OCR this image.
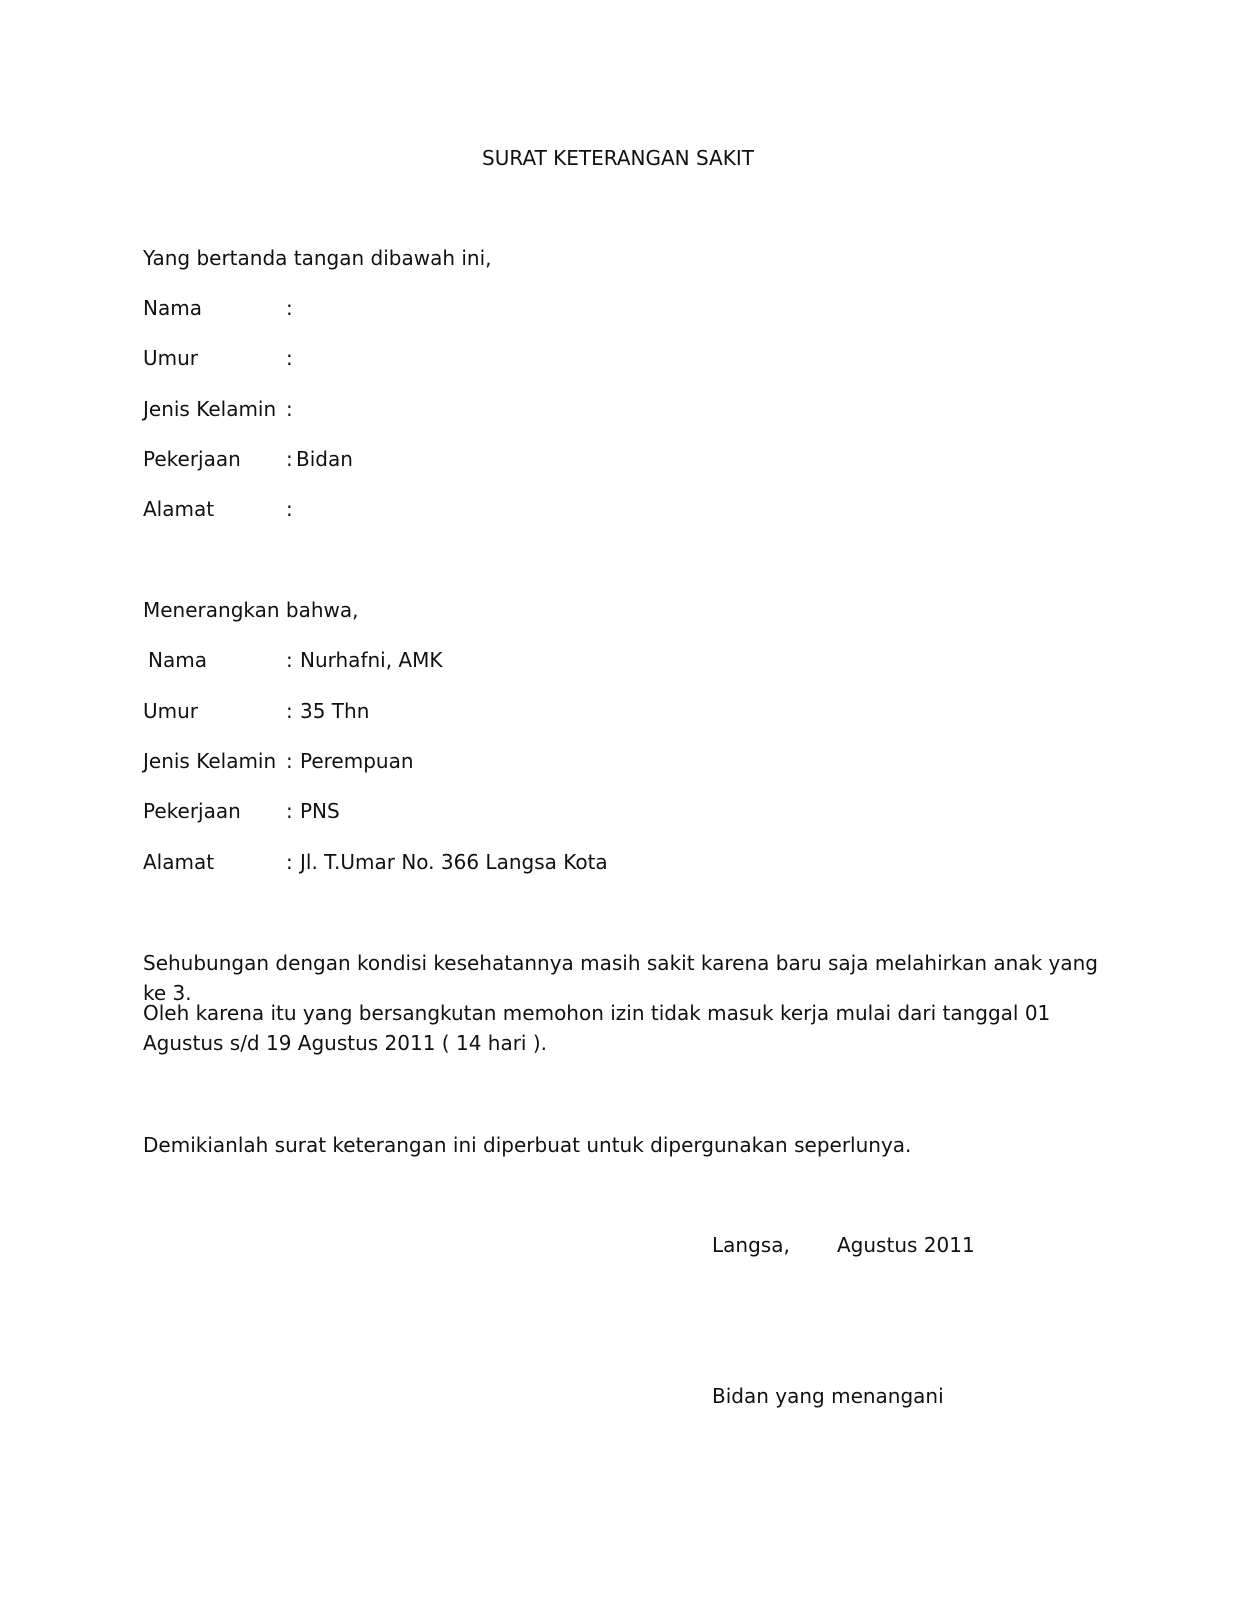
SURAT KETERANGAN SAKIT
Yang bertanda tangan dibawah ini,
Nama	:
Umur	:
Jenis Kelamin :
Pekerjaan : Bidan
Alamat	:
Menerangkan bahwa,
Nama	: Nurhafni, AMK
Umur	: 35 Thn
Jenis Kelamin : Perempuan
Pekerjaan : PNS
Alamat	: Jl. T.Umar No. 366 Langsa Kota
Sehubungan dengan kondisi kesehatannya masih sakit karena baru saja melahirkan anak yang ke 3.
Oleh karena itu yang bersangkutan memohon izin tidak masuk kerja mulai dari tanggal 01 Agustus s/d 19 Agustus 2011 ( 14 hari ).
Demikianlah surat keterangan ini diperbuat untuk dipergunakan seperlunya.
Langsa, Agustus 2011
Bidan yang menangani
